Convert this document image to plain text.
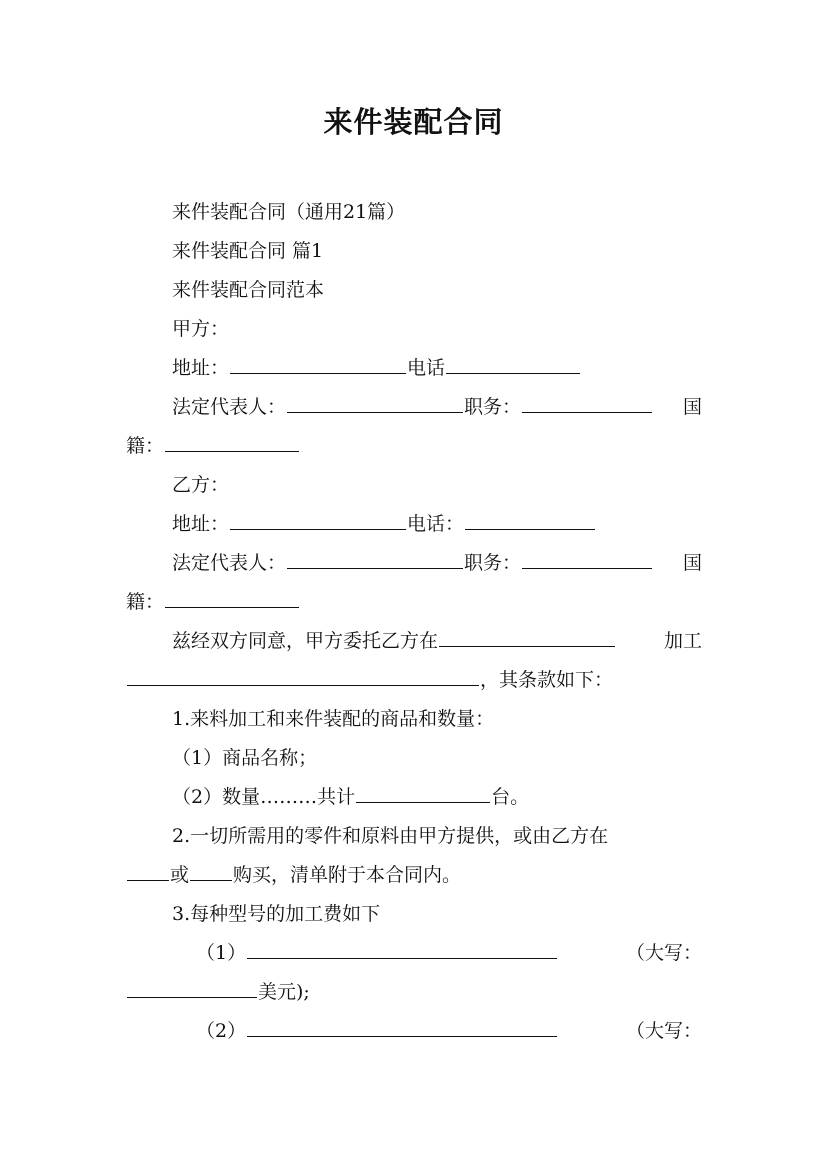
来件装配合同
来件装配合同（通用21篇）
来件装配合同 篇1
来件装配合同范本
甲方：
地址：	电话
法定代表人：	职务：	国
籍：
乙方：
地址：	电话：
法定代表人：	职务：	国
籍：
兹经双方同意，甲方委托乙方在	加工
，其条款如下：
1.来料加工和来件装配的商品和数量：
（1）商品名称；
（2）数量………共计	台。
2.一切所需用的零件和原料由甲方提供，或由乙方在
或 购买，清单附于本合同内。
3.每种型号的加工费如下
（1）	（大写：
美元);
（2）	（大写：
